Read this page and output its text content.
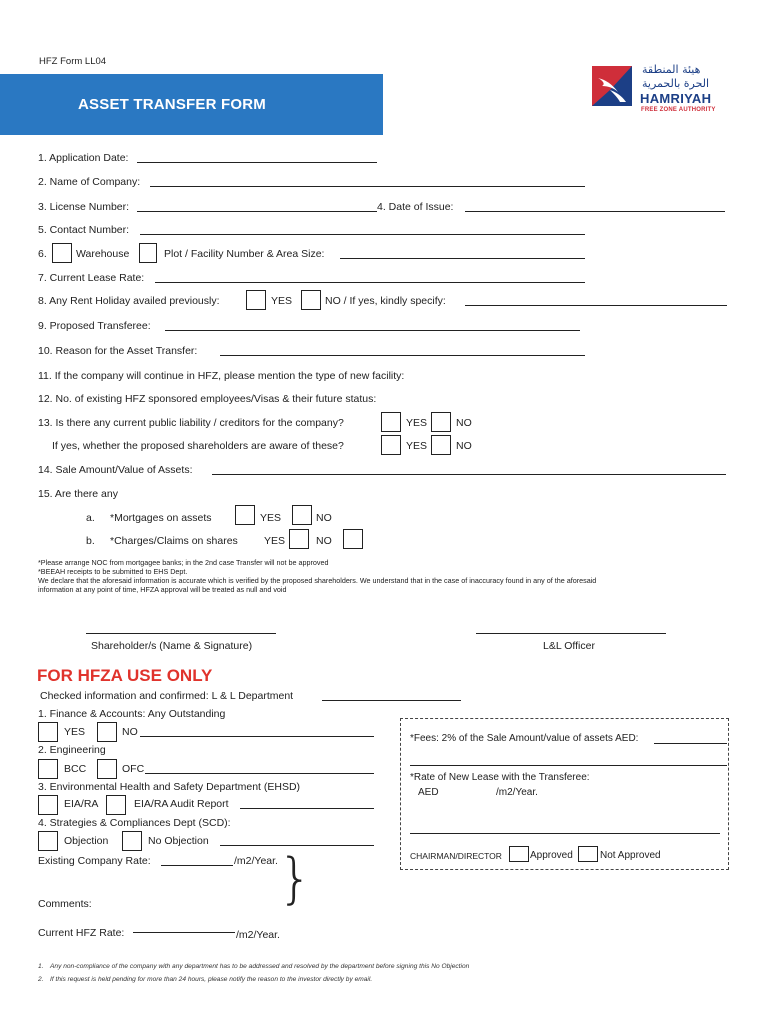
HFZ Form LL04
ASSET TRANSFER FORM
هيئة المنطقة
الحرة بالحمرية
HAMRIYAH
FREE ZONE AUTHORITY
1. Application Date:
2. Name of Company:
3. License Number:	4. Date of Issue:
5. Contact Number:
6.	Warehouse	Plot / Facility Number & Area Size:
7. Current Lease Rate:
8. Any Rent Holiday availed previously:	YES	NO / If yes, kindly specify:
9. Proposed Transferee:
10. Reason for the Asset Transfer:
11. If the company will continue in HFZ, please mention the type of new facility:
12. No. of existing HFZ sponsored employees/Visas & their future status:
13. Is there any current public liability / creditors for the company?	YES	NO
If yes, whether the proposed shareholders are aware of these?	YES	NO
14. Sale Amount/Value of Assets:
15. Are there any
a. *Mortgages on assets	YES	NO
b. *Charges/Claims on shares YES	NO
*Please arrange NOC from mortgagee banks; in the 2nd case Transfer will not be approved
*BEEAH receipts to be submitted to EHS Dept.
We declare that the aforesaid information is accurate which is verified by the proposed shareholders. We understand that in the case of inaccuracy found in any of the aforesaid
information at any point of time, HFZA approval will be treated as null and void
Shareholder/s (Name & Signature)	L&L Officer
FOR HFZA USE ONLY
Checked information and confirmed: L & L Department
1. Finance & Accounts: Any Outstanding
YES	NO
2. Engineering
BCC	OFC
3. Environmental Health and Safety Department (EHSD)
EIA/RA	EIA/RA Audit Report
4. Strategies & Compliances Dept (SCD):
Objection	No Objection
Existing Company Rate:	/m2/Year. }
Comments:
Current HFZ Rate:	/m2/Year.
*Fees: 2% of the Sale Amount/value of assets AED:
*Rate of New Lease with the Transferee:
AED	/m2/Year.
CHAIRMAN/DIRECTOR	Approved	Not Approved
1. Any non-compliance of the company with any department has to be addressed and resolved by the department before signing this No Objection
2. If this request is held pending for more than 24 hours, please notify the reason to the investor directly by email.
